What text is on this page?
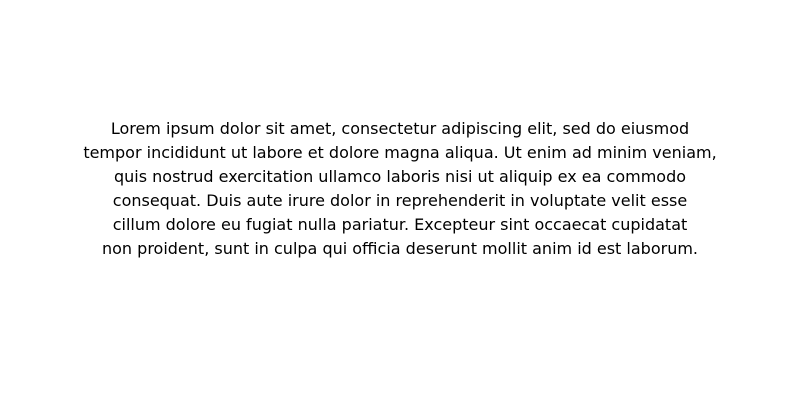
Lorem ipsum dolor sit amet, consectetur adipiscing elit, sed do eiusmod
tempor incididunt ut labore et dolore magna aliqua. Ut enim ad minim veniam,
quis nostrud exercitation ullamco laboris nisi ut aliquip ex ea commodo
consequat. Duis aute irure dolor in reprehenderit in voluptate velit esse
cillum dolore eu fugiat nulla pariatur. Excepteur sint occaecat cupidatat
non proident, sunt in culpa qui officia deserunt mollit anim id est laborum.
